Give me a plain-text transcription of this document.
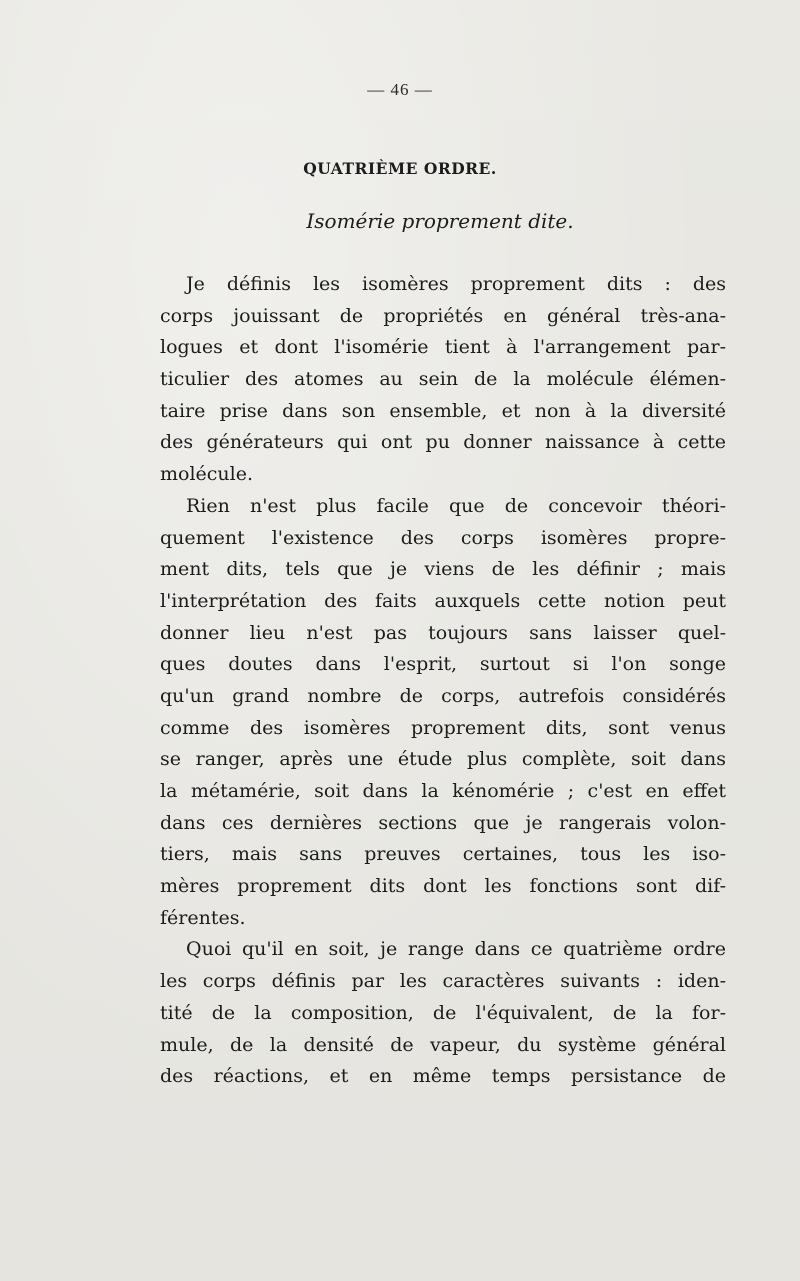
— 46 —
QUATRIÈME ORDRE.
Isomérie proprement dite.
Je définis les isomères proprement dits : des
corps jouissant de propriétés en général très-ana-
logues et dont l'isomérie tient à l'arrangement par-
ticulier des atomes au sein de la molécule élémen-
taire prise dans son ensemble, et non à la diversité
des générateurs qui ont pu donner naissance à cette
molécule.
Rien n'est plus facile que de concevoir théori-
quement l'existence des corps isomères propre-
ment dits, tels que je viens de les définir ; mais
l'interprétation des faits auxquels cette notion peut
donner lieu n'est pas toujours sans laisser quel-
ques doutes dans l'esprit, surtout si l'on songe
qu'un grand nombre de corps, autrefois considérés
comme des isomères proprement dits, sont venus
se ranger, après une étude plus complète, soit dans
la métamérie, soit dans la kénomérie ; c'est en effet
dans ces dernières sections que je rangerais volon-
tiers, mais sans preuves certaines, tous les iso-
mères proprement dits dont les fonctions sont dif-
férentes.
Quoi qu'il en soit, je range dans ce quatrième ordre
les corps définis par les caractères suivants : iden-
tité de la composition, de l'équivalent, de la for-
mule, de la densité de vapeur, du système général
des réactions, et en même temps persistance de
